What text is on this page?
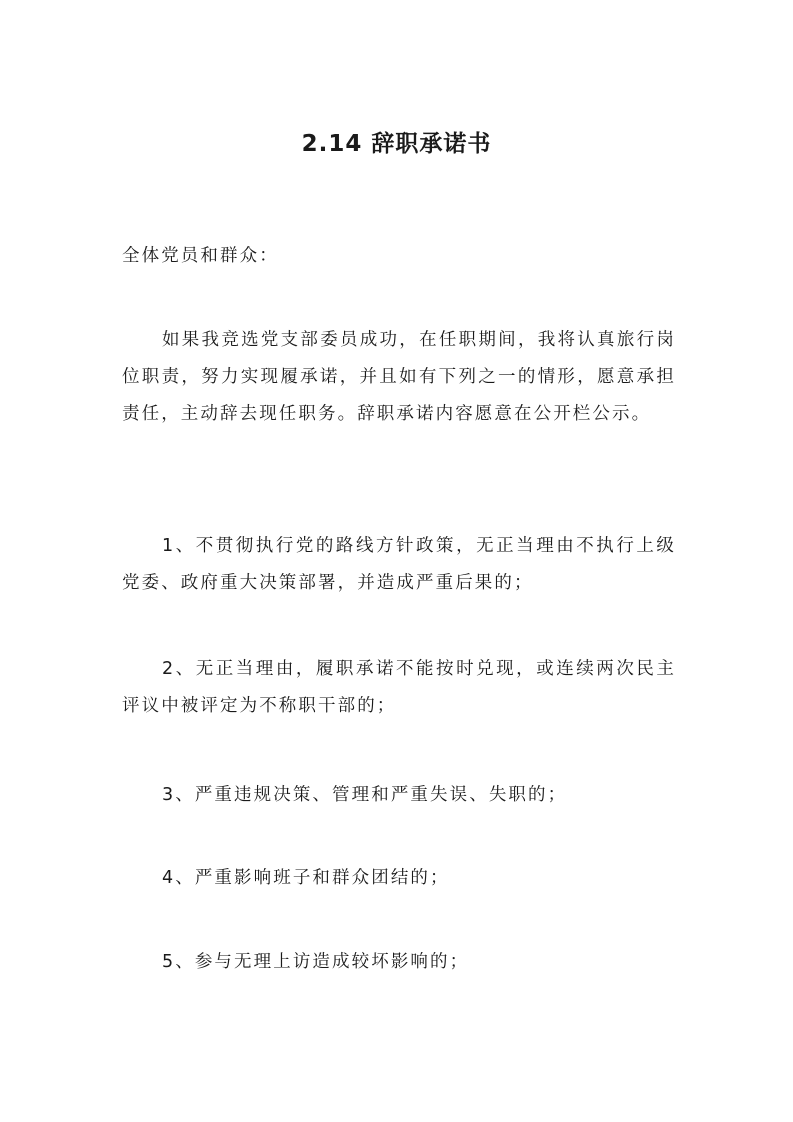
2.14 辞职承诺书

全体党员和群众：

如果我竞选党支部委员成功，在任职期间，我将认真旅行岗位职责，努力实现履承诺，并且如有下列之一的情形，愿意承担责任，主动辞去现任职务。辞职承诺内容愿意在公开栏公示。

1、不贯彻执行党的路线方针政策，无正当理由不执行上级党委、政府重大决策部署，并造成严重后果的；

2、无正当理由，履职承诺不能按时兑现，或连续两次民主评议中被评定为不称职干部的；

3、严重违规决策、管理和严重失误、失职的；

4、严重影响班子和群众团结的；

5、参与无理上访造成较坏影响的；
